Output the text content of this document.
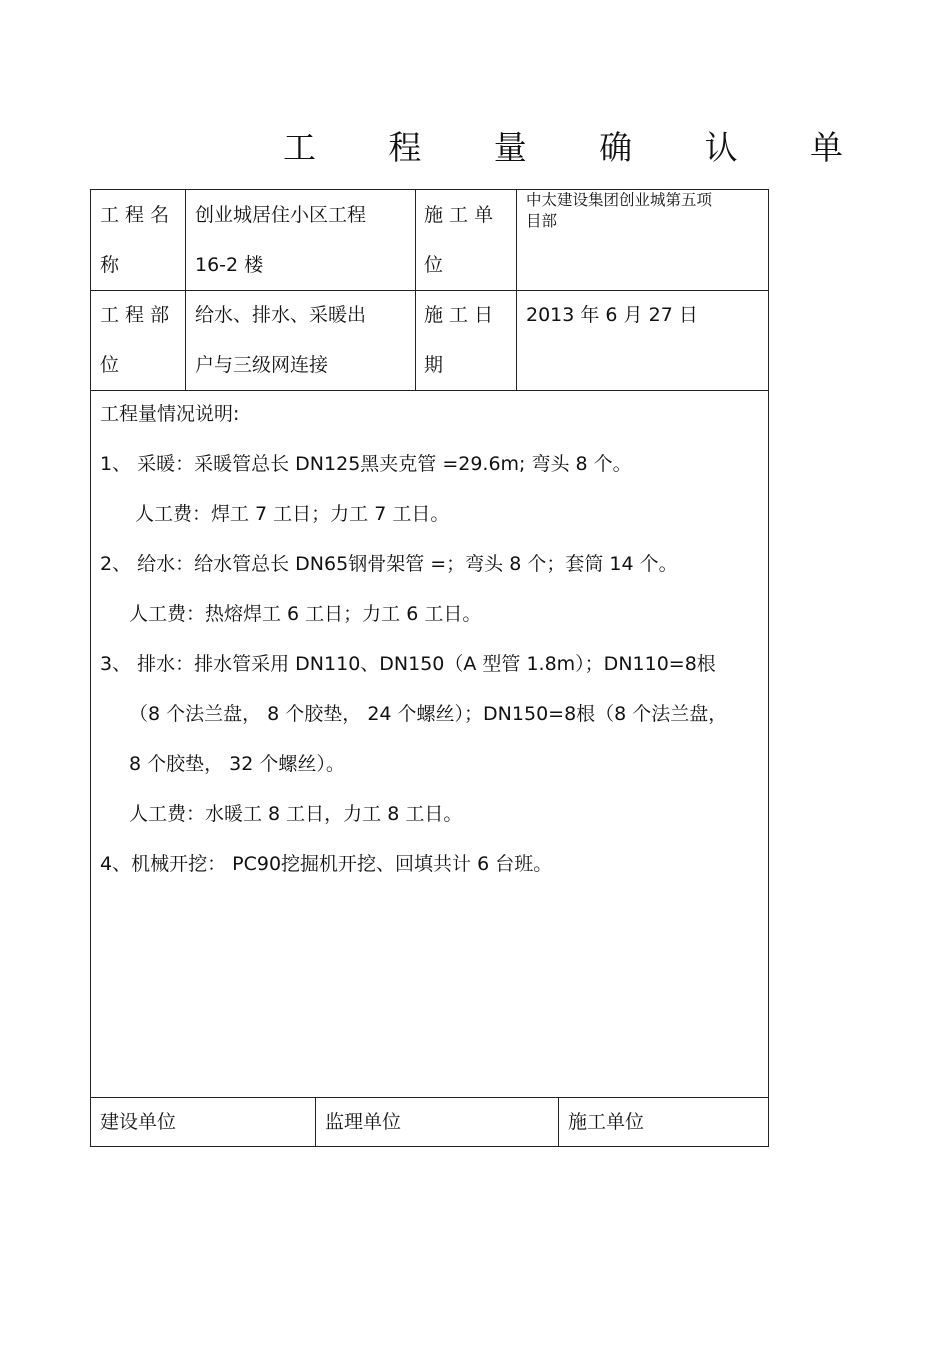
工 程 量 确 认 单
工 程 名
称
创业城居住小区工程
16-2 楼
施 工 单
位
中太建设集团创业城第五项
目部
工 程 部
位
给水、排水、采暖出
户与三级网连接
施 工 日
期
2013 年 6 月 27 日
工程量情况说明:
1、 采暖：采暖管总长 DN125黑夹克管 =29.6m; 弯头 8 个。
人工费：焊工 7 工日；力工 7 工日。
2、 给水：给水管总长 DN65钢骨架管 =；弯头 8 个；套筒 14 个。
人工费：热熔焊工 6 工日；力工 6 工日。
3、 排水：排水管采用 DN110、DN150（A 型管 1.8m）；DN110=8根
（8 个法兰盘， 8 个胶垫， 24 个螺丝）；DN150=8根（8 个法兰盘，
8 个胶垫， 32 个螺丝）。
人工费：水暖工 8 工日，力工 8 工日。
4、机械开挖： PC90挖掘机开挖、回填共计 6 台班。
建设单位	监理单位	施工单位
